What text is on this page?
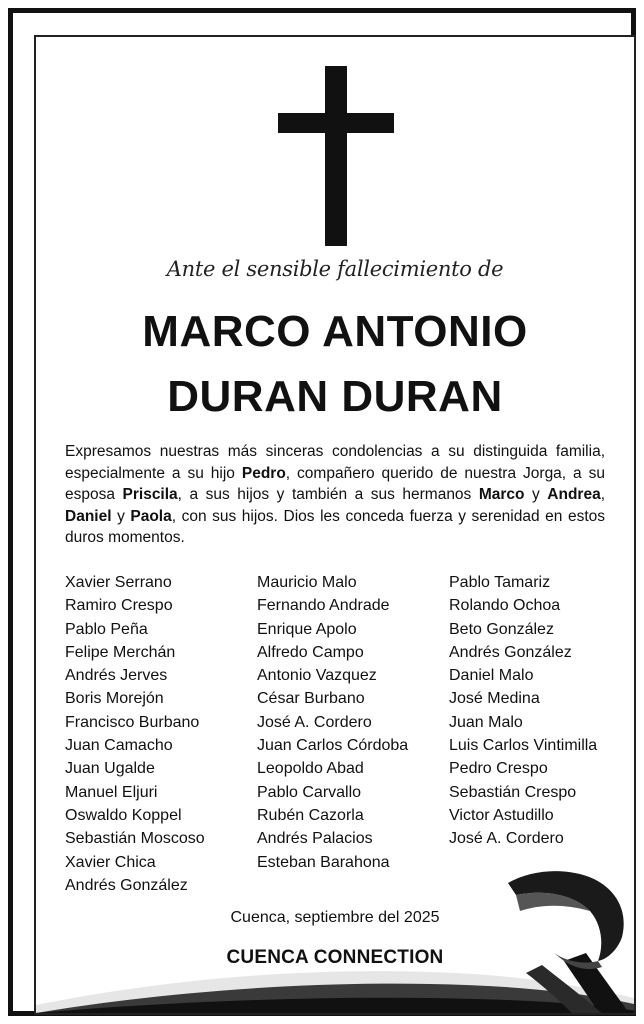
Ante el sensible fallecimiento de
MARCO ANTONIO
DURAN DURAN
Expresamos nuestras más sinceras condolencias a su distinguida familia, especialmente a su hijo Pedro, compañero querido de nuestra Jorga, a su esposa Priscila, a sus hijos y también a sus hermanos Marco y Andrea, Daniel y Paola, con sus hijos. Dios les conceda fuerza y serenidad en estos duros momentos.
Xavier Serrano
Ramiro Crespo
Pablo Peña
Felipe Merchán
Andrés Jerves
Boris Morejón
Francisco Burbano
Juan Camacho
Juan Ugalde
Manuel Eljuri
Oswaldo Koppel
Sebastián Moscoso
Xavier Chica
Andrés González
Mauricio Malo
Fernando Andrade
Enrique Apolo
Alfredo Campo
Antonio Vazquez
César Burbano
José A. Cordero
Juan Carlos Córdoba
Leopoldo Abad
Pablo Carvallo
Rubén Cazorla
Andrés Palacios
Esteban Barahona
Pablo Tamariz
Rolando Ochoa
Beto González
Andrés González
Daniel Malo
José Medina
Juan Malo
Luis Carlos Vintimilla
Pedro Crespo
Sebastián Crespo
Victor Astudillo
José A. Cordero
Cuenca, septiembre del 2025
CUENCA CONNECTION
